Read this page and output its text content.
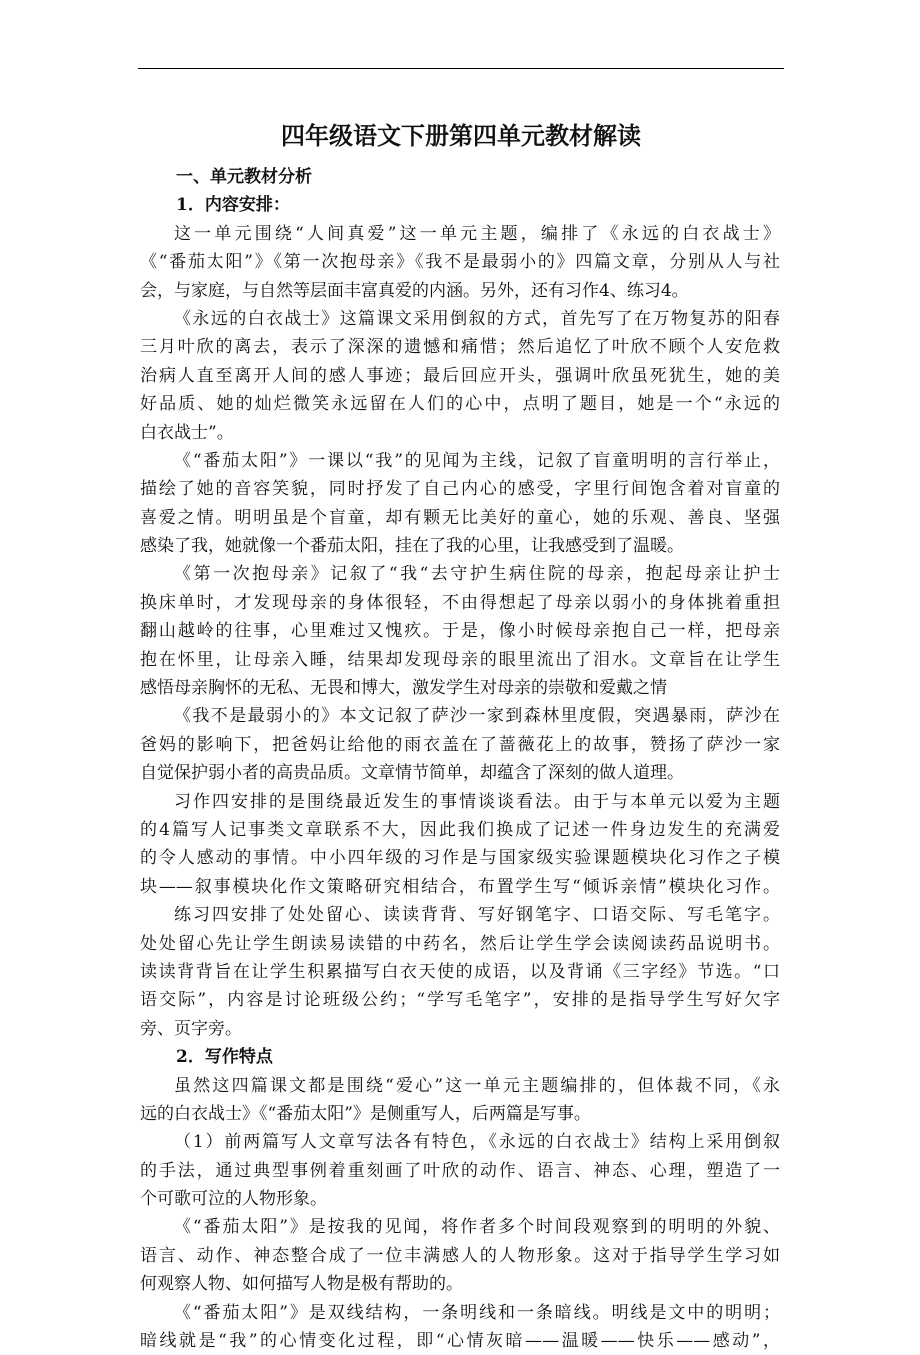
四年级语文下册第四单元教材解读
一、单元教材分析
1．内容安排：
这一单元围绕“人间真爱”这一单元主题，编排了《永远的白衣战士》
《“番茄太阳”》《第一次抱母亲》《我不是最弱小的》四篇文章，分别从人与社
会，与家庭，与自然等层面丰富真爱的内涵。另外，还有习作4、练习4。
《永远的白衣战士》这篇课文采用倒叙的方式，首先写了在万物复苏的阳春
三月叶欣的离去，表示了深深的遗憾和痛惜；然后追忆了叶欣不顾个人安危救
治病人直至离开人间的感人事迹；最后回应开头，强调叶欣虽死犹生，她的美
好品质、她的灿烂微笑永远留在人们的心中，点明了题目，她是一个“永远的
白衣战士”。
《“番茄太阳”》一课以“我”的见闻为主线，记叙了盲童明明的言行举止，
描绘了她的音容笑貌，同时抒发了自己内心的感受，字里行间饱含着对盲童的
喜爱之情。明明虽是个盲童，却有颗无比美好的童心，她的乐观、善良、坚强
感染了我，她就像一个番茄太阳，挂在了我的心里，让我感受到了温暖。
《第一次抱母亲》记叙了“我“去守护生病住院的母亲，抱起母亲让护士
换床单时，才发现母亲的身体很轻，不由得想起了母亲以弱小的身体挑着重担
翻山越岭的往事，心里难过又愧疚。于是，像小时候母亲抱自己一样，把母亲
抱在怀里，让母亲入睡，结果却发现母亲的眼里流出了泪水。文章旨在让学生
感悟母亲胸怀的无私、无畏和博大，激发学生对母亲的崇敬和爱戴之情
《我不是最弱小的》本文记叙了萨沙一家到森林里度假，突遇暴雨，萨沙在
爸妈的影响下，把爸妈让给他的雨衣盖在了蔷薇花上的故事，赞扬了萨沙一家
自觉保护弱小者的高贵品质。文章情节简单，却蕴含了深刻的做人道理。
习作四安排的是围绕最近发生的事情谈谈看法。由于与本单元以爱为主题
的4篇写人记事类文章联系不大，因此我们换成了记述一件身边发生的充满爱
的令人感动的事情。中小四年级的习作是与国家级实验课题模块化习作之子模
块——叙事模块化作文策略研究相结合，布置学生写“倾诉亲情”模块化习作。
练习四安排了处处留心、读读背背、写好钢笔字、口语交际、写毛笔字。
处处留心先让学生朗读易读错的中药名，然后让学生学会读阅读药品说明书。
读读背背旨在让学生积累描写白衣天使的成语，以及背诵《三字经》节选。“口
语交际”，内容是讨论班级公约；“学写毛笔字”，安排的是指导学生写好欠字
旁、页字旁。
2．写作特点
虽然这四篇课文都是围绕“爱心”这一单元主题编排的，但体裁不同，《永
远的白衣战士》《“番茄太阳”》是侧重写人，后两篇是写事。
（1）前两篇写人文章写法各有特色，《永远的白衣战士》结构上采用倒叙
的手法，通过典型事例着重刻画了叶欣的动作、语言、神态、心理，塑造了一
个可歌可泣的人物形象。
《“番茄太阳”》是按我的见闻，将作者多个时间段观察到的明明的外貌、
语言、动作、神态整合成了一位丰满感人的人物形象。这对于指导学生学习如
何观察人物、如何描写人物是极有帮助的。
《“番茄太阳”》是双线结构，一条明线和一条暗线。明线是文中的明明；
暗线就是“我”的心情变化过程，即“心情灰暗——温暖——快乐——感动”，
